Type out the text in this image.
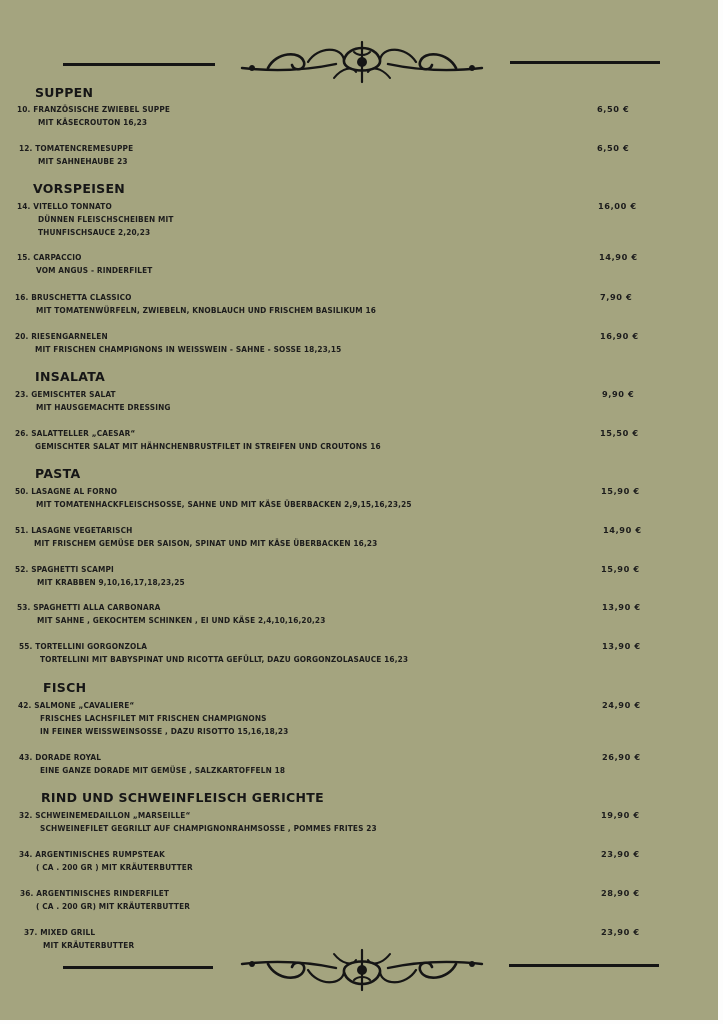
SUPPEN
10. FRANZÖSISCHE ZWIEBEL SUPPE
MIT KÄSECROUTON 16,23
6,50 €
12. TOMATENCREMESUPPE
MIT SAHNEHAUBE 23
6,50 €
VORSPEISEN
14. VITELLO TONNATO
DÜNNEN FLEISCHSCHEIBEN MIT
THUNFISCHSAUCE 2,20,23
16,00 €
15. CARPACCIO
VOM ANGUS - RINDERFILET
14,90 €
16. BRUSCHETTA CLASSICO
MIT TOMATENWÜRFELN, ZWIEBELN, KNOBLAUCH UND FRISCHEM BASILIKUM 16
7,90 €
20. RIESENGARNELEN
MIT FRISCHEN CHAMPIGNONS IN WEISSWEIN - SAHNE - SOSSE 18,23,15
16,90 €
INSALATA
23. GEMISCHTER SALAT
MIT HAUSGEMACHTE DRESSING
9,90 €
26. SALATTELLER „CAESAR“
GEMISCHTER SALAT MIT HÄHNCHENBRUSTFILET IN STREIFEN UND CROUTONS 16
15,50 €
PASTA
50. LASAGNE AL FORNO
MIT TOMATENHACKFLEISCHSOSSE, SAHNE UND MIT KÄSE ÜBERBACKEN 2,9,15,16,23,25
15,90 €
51. LASAGNE VEGETARISCH
MIT FRISCHEM GEMÜSE DER SAISON, SPINAT UND MIT KÄSE ÜBERBACKEN 16,23
14,90 €
52. SPAGHETTI SCAMPI
MIT KRABBEN 9,10,16,17,18,23,25
15,90 €
53. SPAGHETTI ALLA CARBONARA
MIT SAHNE , GEKOCHTEM SCHINKEN , EI UND KÄSE 2,4,10,16,20,23
13,90 €
55. TORTELLINI GORGONZOLA
TORTELLINI MIT BABYSPINAT UND RICOTTA GEFÜLLT, DAZU GORGONZOLASAUCE 16,23
13,90 €
FISCH
42. SALMONE „CAVALIERE“
FRISCHES LACHSFILET MIT FRISCHEN CHAMPIGNONS
IN FEINER WEISSWEINSOSSE , DAZU RISOTTO 15,16,18,23
24,90 €
43. DORADE ROYAL
EINE GANZE DORADE MIT GEMÜSE , SALZKARTOFFELN 18
26,90 €
RIND UND SCHWEINFLEISCH GERICHTE
32. SCHWEINEMEDAILLON „MARSEILLE“
SCHWEINEFILET GEGRILLT AUF CHAMPIGNONRAHMSOSSE , POMMES FRITES 23
19,90 €
34. ARGENTINISCHES RUMPSTEAK
( CA . 200 GR ) MIT KRÄUTERBUTTER
23,90 €
36. ARGENTINISCHES RINDERFILET
( CA . 200 GR) MIT KRÄUTERBUTTER
28,90 €
37. MIXED GRILL
MIT KRÄUTERBUTTER
23,90 €
